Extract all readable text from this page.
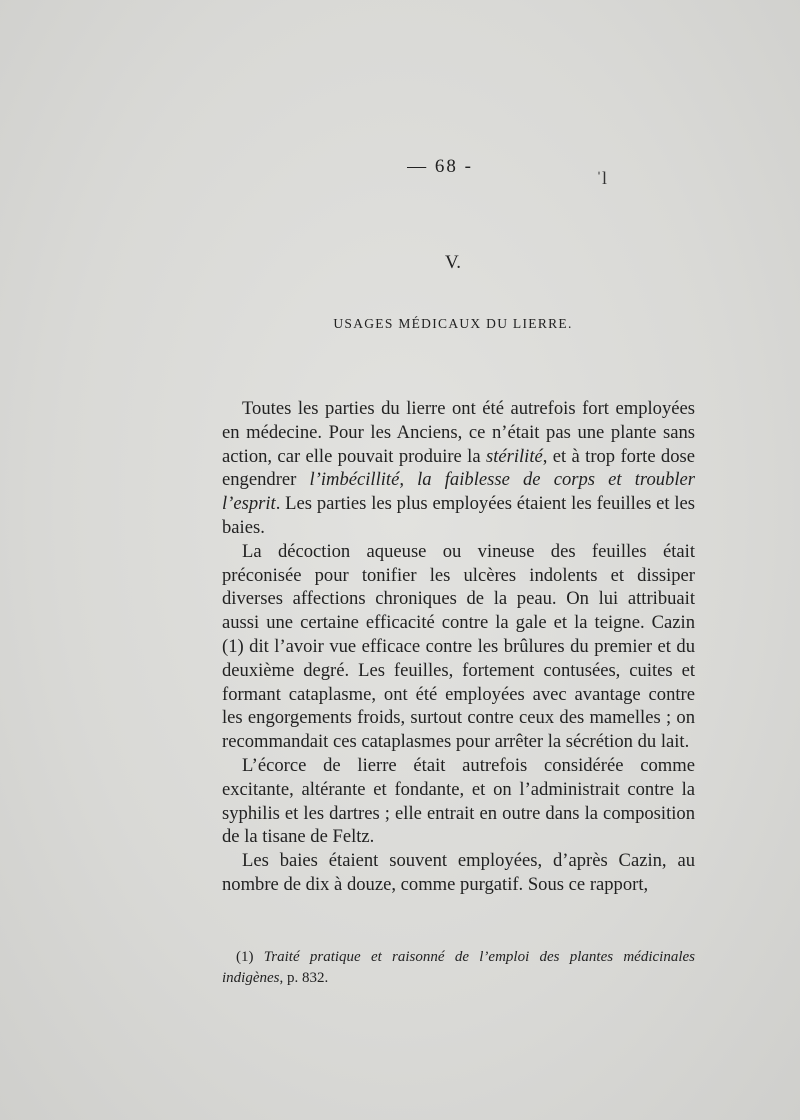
— 68 -
ˈl
V.
USAGES MÉDICAUX DU LIERRE.

Toutes les parties du lierre ont été autrefois fort employées en médecine. Pour les Anciens, ce n’était pas une plante sans action, car elle pouvait produire la stérilité, et à trop forte dose engendrer l’imbécillité, la faiblesse de corps et troubler l’esprit. Les parties les plus employées étaient les feuilles et les baies.

La décoction aqueuse ou vineuse des feuilles était préconisée pour tonifier les ulcères indolents et dissiper diverses affections chroniques de la peau. On lui attribuait aussi une certaine efficacité contre la gale et la teigne. Cazin (1) dit l’avoir vue efficace contre les brûlures du premier et du deuxième degré. Les feuilles, fortement contusées, cuites et formant cataplasme, ont été employées avec avantage contre les engorgements froids, surtout contre ceux des mamelles ; on recommandait ces cataplasmes pour arrêter la sécrétion du lait.

L’écorce de lierre était autrefois considérée comme excitante, altérante et fondante, et on l’administrait contre la syphilis et les dartres ; elle entrait en outre dans la composition de la tisane de Feltz.

Les baies étaient souvent employées, d’après Cazin, au nombre de dix à douze, comme purgatif. Sous ce rapport,

(1) Traité pratique et raisonné de l’emploi des plantes médicinales indigènes, p. 832.
